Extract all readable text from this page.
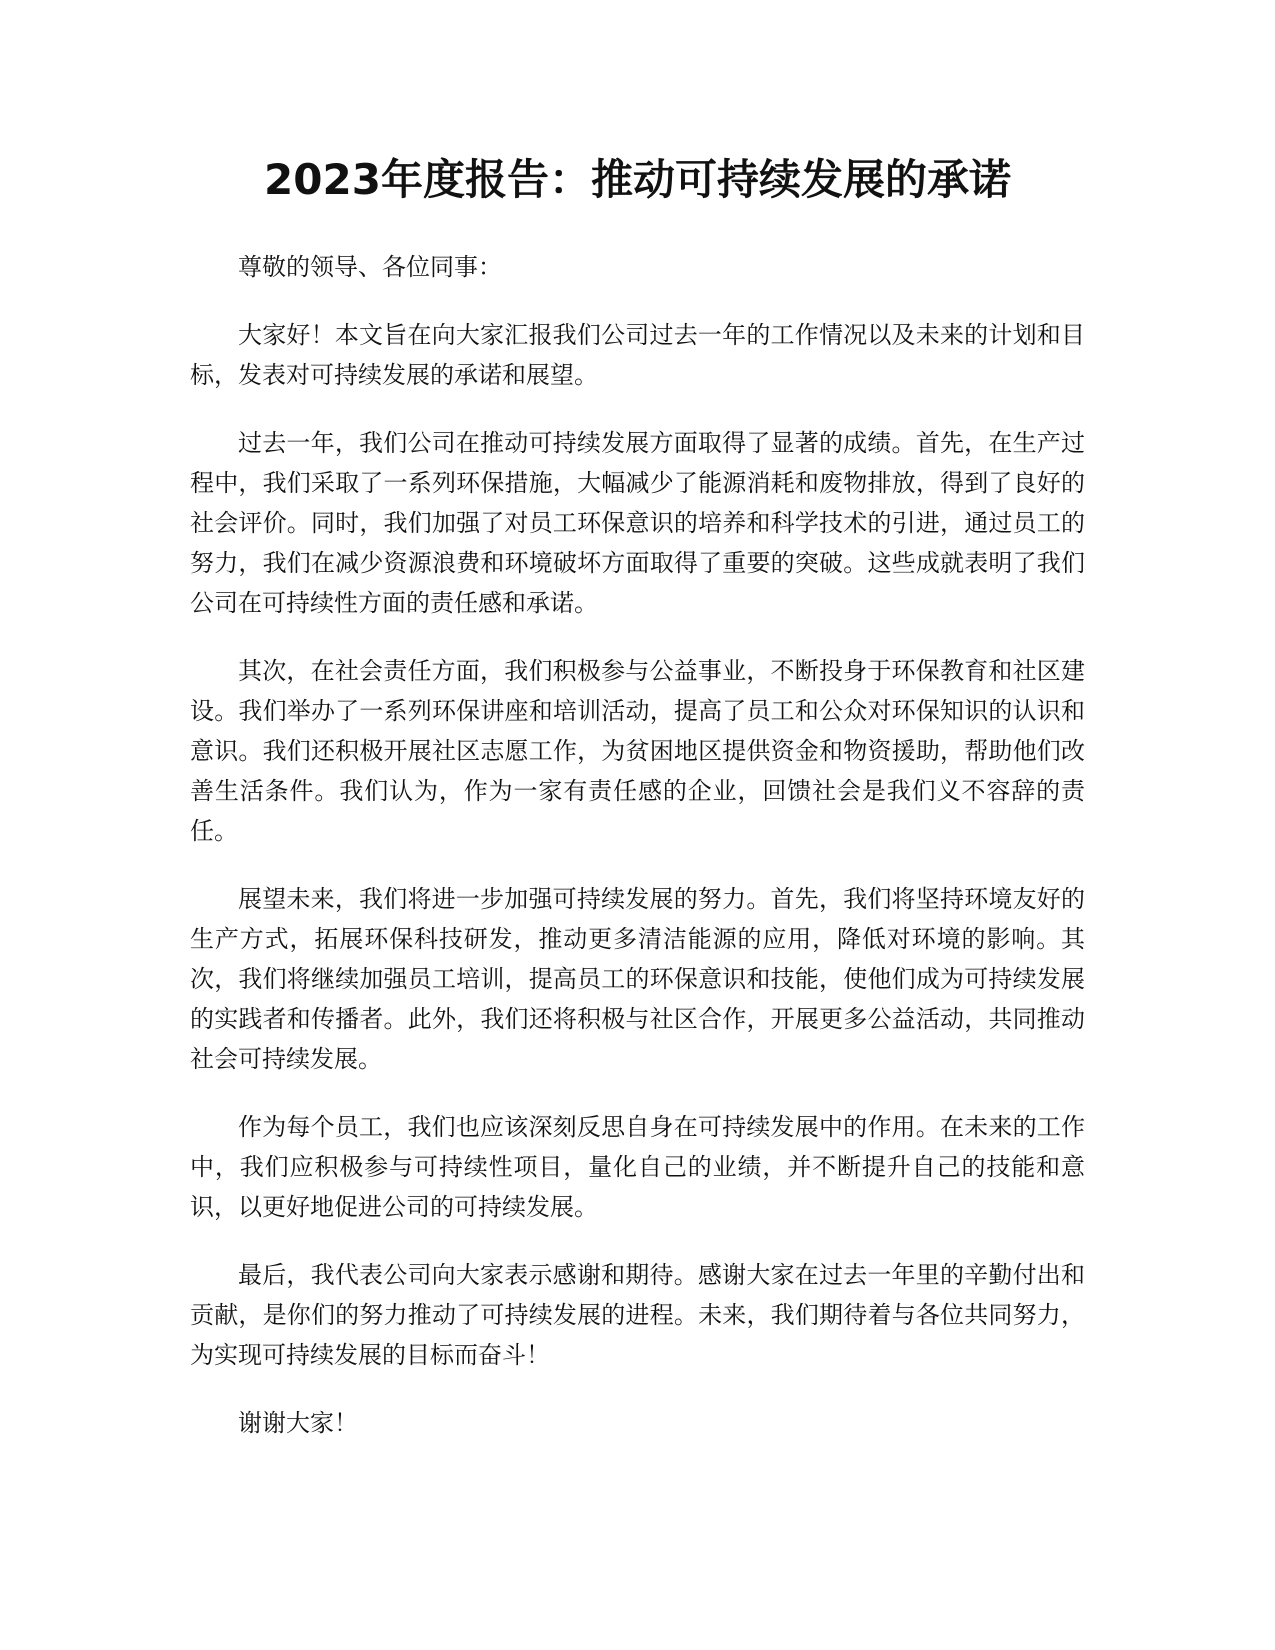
2023年度报告：推动可持续发展的承诺

尊敬的领导、各位同事：

大家好！本文旨在向大家汇报我们公司过去一年的工作情况以及未来的计划和目标，发表对可持续发展的承诺和展望。

过去一年，我们公司在推动可持续发展方面取得了显著的成绩。首先，在生产过程中，我们采取了一系列环保措施，大幅减少了能源消耗和废物排放，得到了良好的社会评价。同时，我们加强了对员工环保意识的培养和科学技术的引进，通过员工的努力，我们在减少资源浪费和环境破坏方面取得了重要的突破。这些成就表明了我们公司在可持续性方面的责任感和承诺。

其次，在社会责任方面，我们积极参与公益事业，不断投身于环保教育和社区建设。我们举办了一系列环保讲座和培训活动，提高了员工和公众对环保知识的认识和意识。我们还积极开展社区志愿工作，为贫困地区提供资金和物资援助，帮助他们改善生活条件。我们认为，作为一家有责任感的企业，回馈社会是我们义不容辞的责任。

展望未来，我们将进一步加强可持续发展的努力。首先，我们将坚持环境友好的生产方式，拓展环保科技研发，推动更多清洁能源的应用，降低对环境的影响。其次，我们将继续加强员工培训，提高员工的环保意识和技能，使他们成为可持续发展的实践者和传播者。此外，我们还将积极与社区合作，开展更多公益活动，共同推动社会可持续发展。

作为每个员工，我们也应该深刻反思自身在可持续发展中的作用。在未来的工作中，我们应积极参与可持续性项目，量化自己的业绩，并不断提升自己的技能和意识，以更好地促进公司的可持续发展。

最后，我代表公司向大家表示感谢和期待。感谢大家在过去一年里的辛勤付出和贡献，是你们的努力推动了可持续发展的进程。未来，我们期待着与各位共同努力，为实现可持续发展的目标而奋斗！

谢谢大家！
